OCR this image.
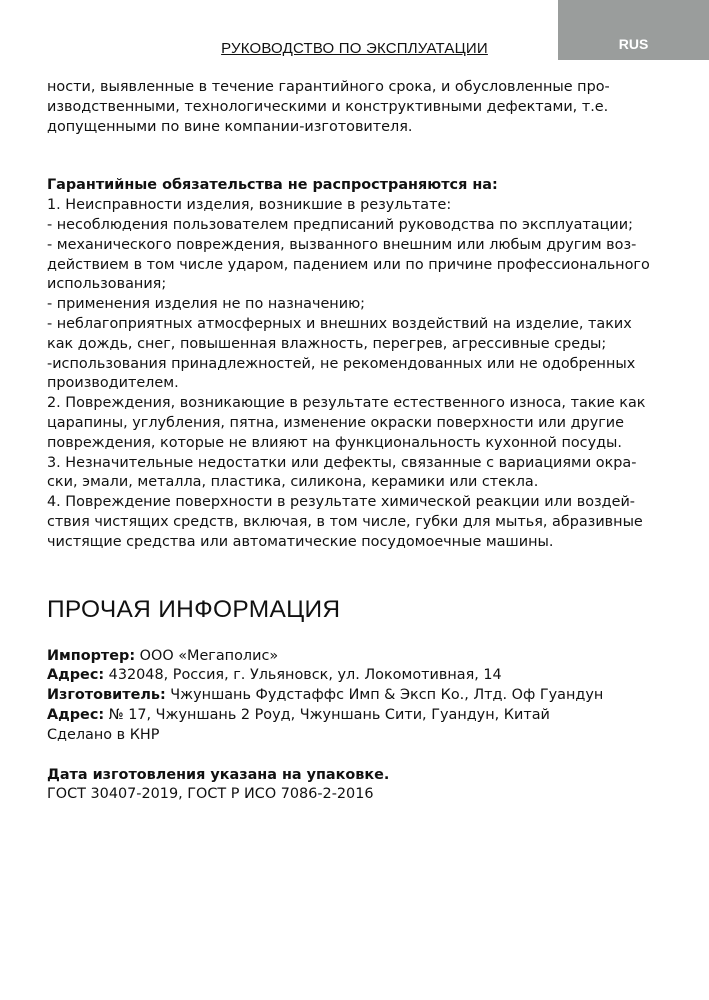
RUS
РУКОВОДСТВО ПО ЭКСПЛУАТАЦИИ
ности, выявленные в течение гарантийного срока, и обусловленные про-
изводственными, технологическими и конструктивными дефектами, т.е.
допущенными по вине компании-изготовителя.
Гарантийные обязательства не распространяются на:
1. Неисправности изделия, возникшие в результате:
- несоблюдения пользователем предписаний руководства по эксплуатации;
- механического повреждения, вызванного внешним или любым другим воз-
действием в том числе ударом, падением или по причине профессионального
использования;
- применения изделия не по назначению;
- неблагоприятных атмосферных и внешних воздействий на изделие, таких
как дождь, снег, повышенная влажность, перегрев, агрессивные среды;
-использования принадлежностей, не рекомендованных или не одобренных
производителем.
2. Повреждения, возникающие в результате естественного износа, такие как
царапины, углубления, пятна, изменение окраски поверхности или другие
повреждения, которые не влияют на функциональность кухонной посуды.
3. Незначительные недостатки или дефекты, связанные с вариациями окра-
ски, эмали, металла, пластика, силикона, керамики или стекла.
4. Повреждение поверхности в результате химической реакции или воздей-
ствия чистящих средств, включая, в том числе, губки для мытья, абразивные
чистящие средства или автоматические посудомоечные машины.
ПРОЧАЯ ИНФОРМАЦИЯ
Импортер: ООО «Мегаполис»
Адрес: 432048, Россия, г. Ульяновск, ул. Локомотивная, 14
Изготовитель: Чжуншань Фудстаффс Имп & Эксп Ко., Лтд. Оф Гуандун
Адрес: № 17, Чжуншань 2 Роуд, Чжуншань Сити, Гуандун, Китай
Сделано в КНР
Дата изготовления указана на упаковке.
ГОСТ 30407-2019, ГОСТ Р ИСО 7086-2-2016
